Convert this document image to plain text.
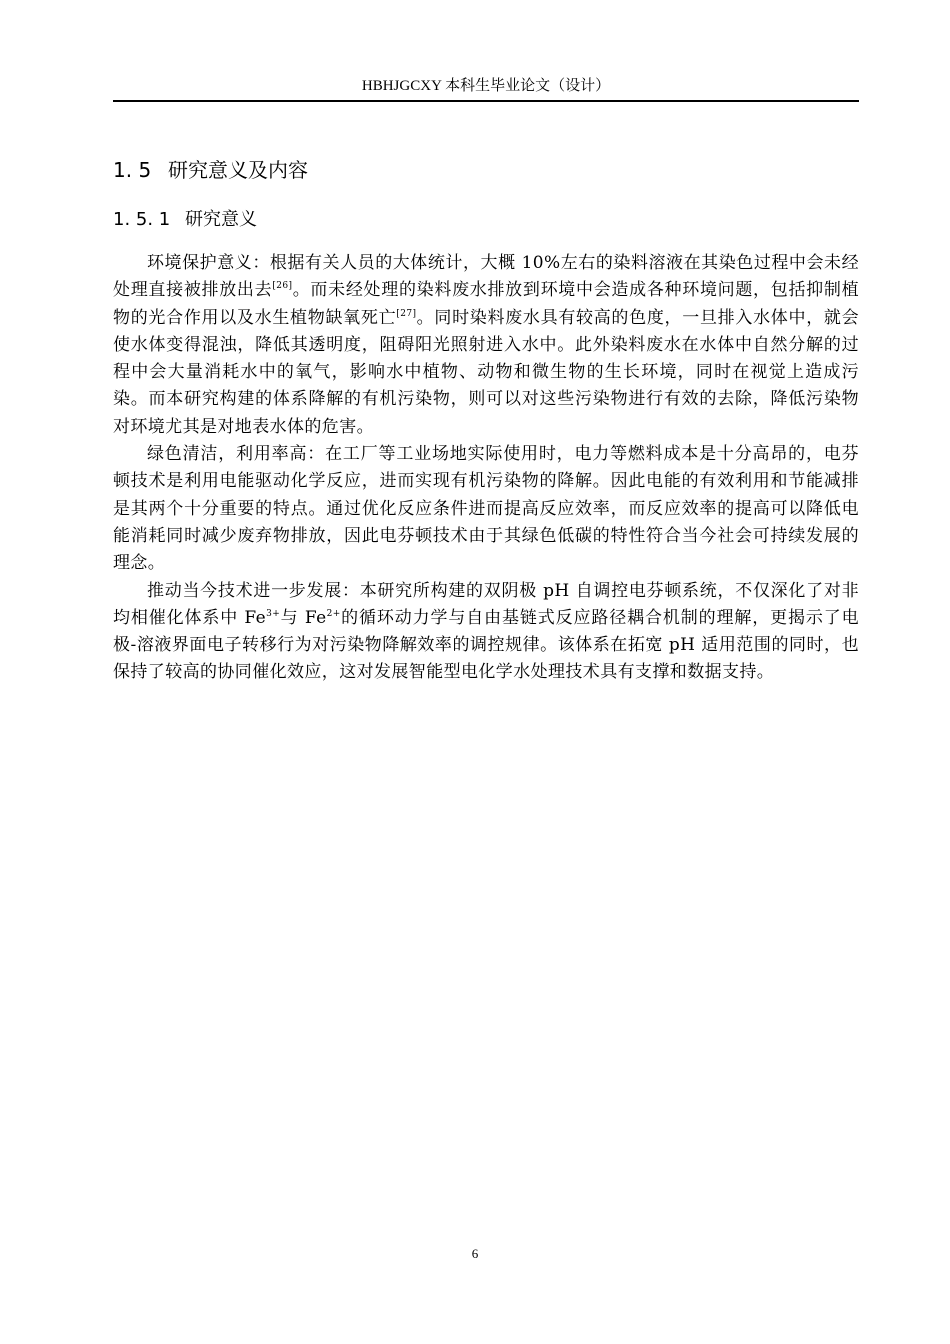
HBHJGCXY 本科生毕业论文（设计）
1. 5 研究意义及内容
1. 5. 1 研究意义

环境保护意义：根据有关人员的大体统计，大概 10%左右的染料溶液在其染色过程中会未经处理直接被排放出去[26]。而未经处理的染料废水排放到环境中会造成各种环境问题，包括抑制植物的光合作用以及水生植物缺氧死亡[27]。同时染料废水具有较高的色度，一旦排入水体中，就会使水体变得混浊，降低其透明度，阻碍阳光照射进入水中。此外染料废水在水体中自然分解的过程中会大量消耗水中的氧气，影响水中植物、动物和微生物的生长环境，同时在视觉上造成污染。而本研究构建的体系降解的有机污染物，则可以对这些污染物进行有效的去除，降低污染物对环境尤其是对地表水体的危害。

绿色清洁，利用率高：在工厂等工业场地实际使用时，电力等燃料成本是十分高昂的，电芬顿技术是利用电能驱动化学反应，进而实现有机污染物的降解。因此电能的有效利用和节能减排是其两个十分重要的特点。通过优化反应条件进而提高反应效率，而反应效率的提高可以降低电能消耗同时减少废弃物排放，因此电芬顿技术由于其绿色低碳的特性符合当今社会可持续发展的理念。

推动当今技术进一步发展：本研究所构建的双阴极 pH 自调控电芬顿系统，不仅深化了对非均相催化体系中 $Fe^{3+}$与 $Fe^{2+}$的循环动力学与自由基链式反应路径耦合机制的理解，更揭示了电极-溶液界面电子转移行为对污染物降解效率的调控规律。该体系在拓宽 pH 适用范围的同时，也保持了较高的协同催化效应，这对发展智能型电化学水处理技术具有支撑和数据支持。

6
